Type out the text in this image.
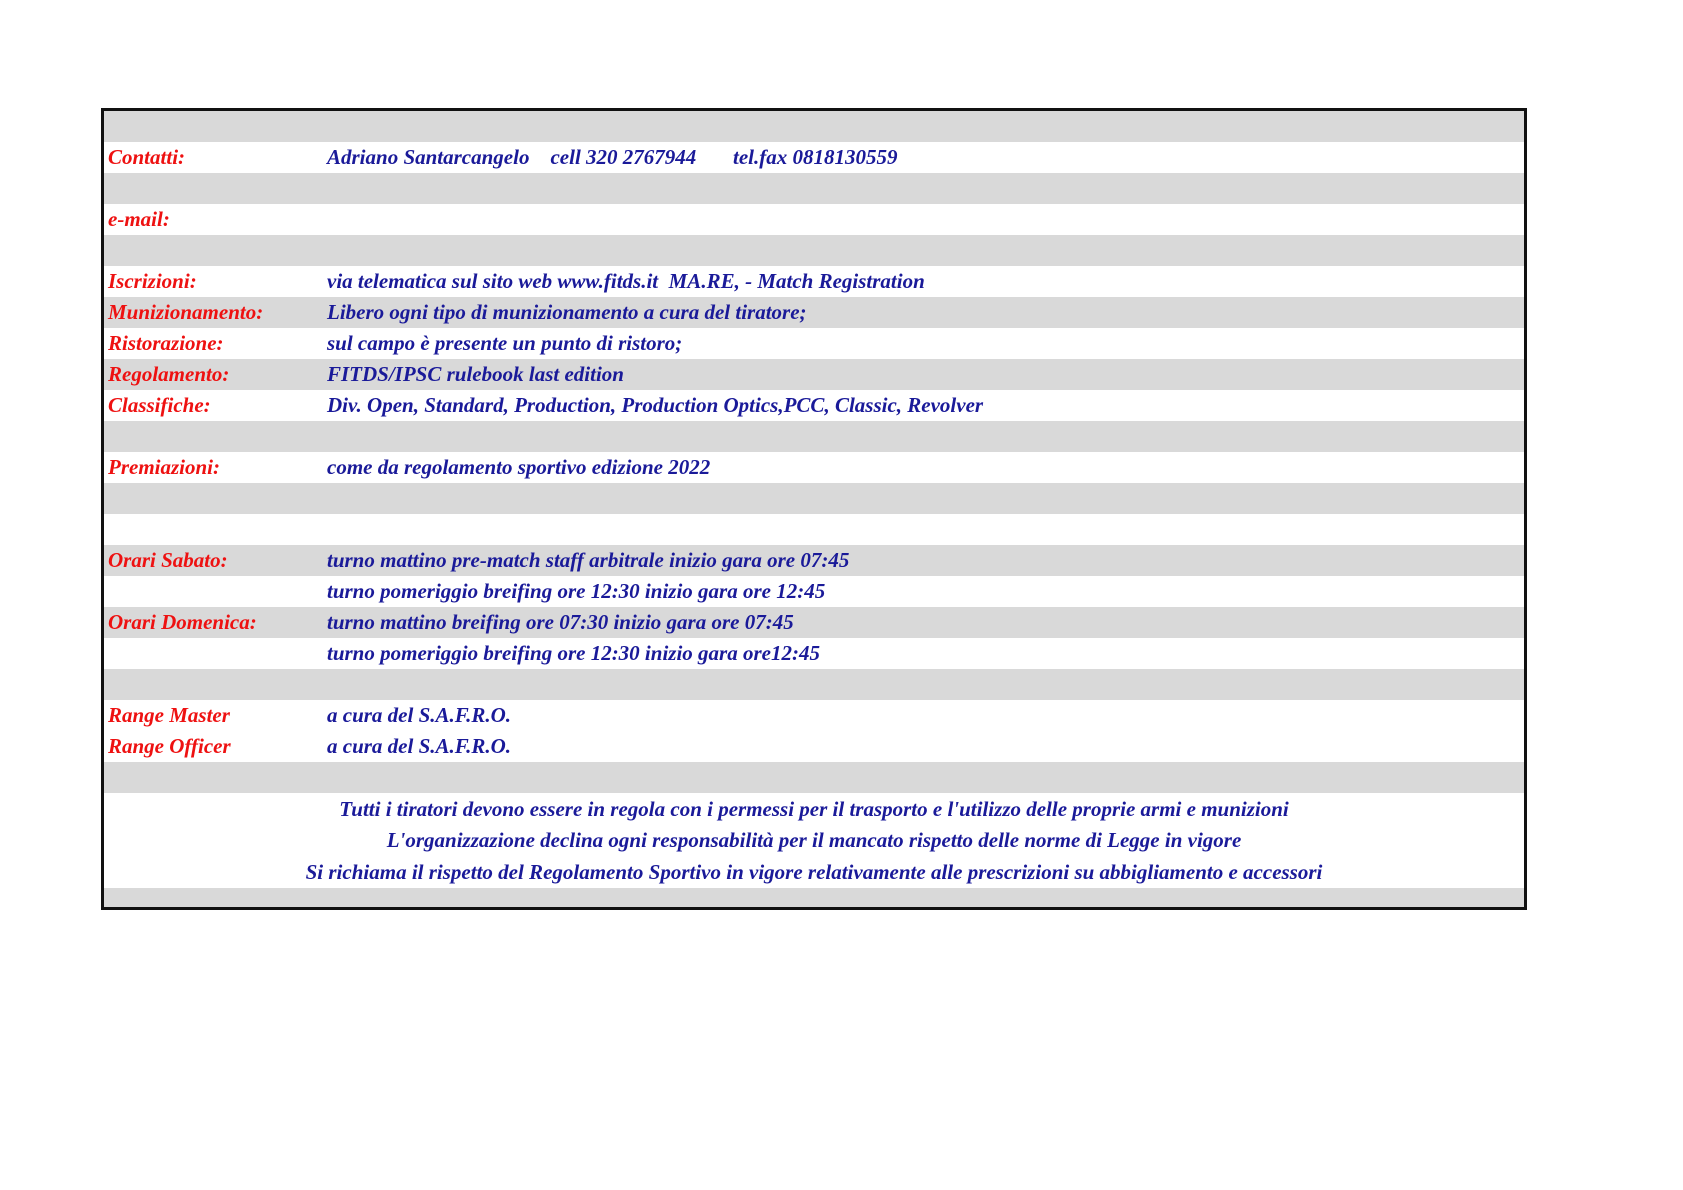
Contatti:	Adriano Santarcangelo    cell 320 2767944       tel.fax 0818130559
e-mail:

Iscrizioni:	via telematica sul sito web www.fitds.it  MA.RE, - Match Registration
Munizionamento:	Libero ogni tipo di munizionamento a cura del tiratore;
Ristorazione:	sul campo è presente un punto di ristoro;
Regolamento:	FITDS/IPSC rulebook last edition
Classifiche:	Div. Open, Standard, Production, Production Optics,PCC, Classic, Revolver
Premiazioni:	come da regolamento sportivo edizione 2022
Orari Sabato:	turno mattino pre-match staff arbitrale inizio gara ore 07:45
turno pomeriggio breifing ore 12:30 inizio gara ore 12:45
Orari Domenica:	turno mattino breifing ore 07:30 inizio gara ore 07:45
turno pomeriggio breifing ore 12:30 inizio gara ore12:45
Range Master	a cura del S.A.F.R.O.
Range Officer	a cura del S.A.F.R.O.
Tutti i tiratori devono essere in regola con i permessi per il trasporto e l'utilizzo delle proprie armi e munizioni
L'organizzazione declina ogni responsabilità per il mancato rispetto delle norme di Legge in vigore
Si richiama il rispetto del Regolamento Sportivo in vigore relativamente alle prescrizioni su abbigliamento e accessori
